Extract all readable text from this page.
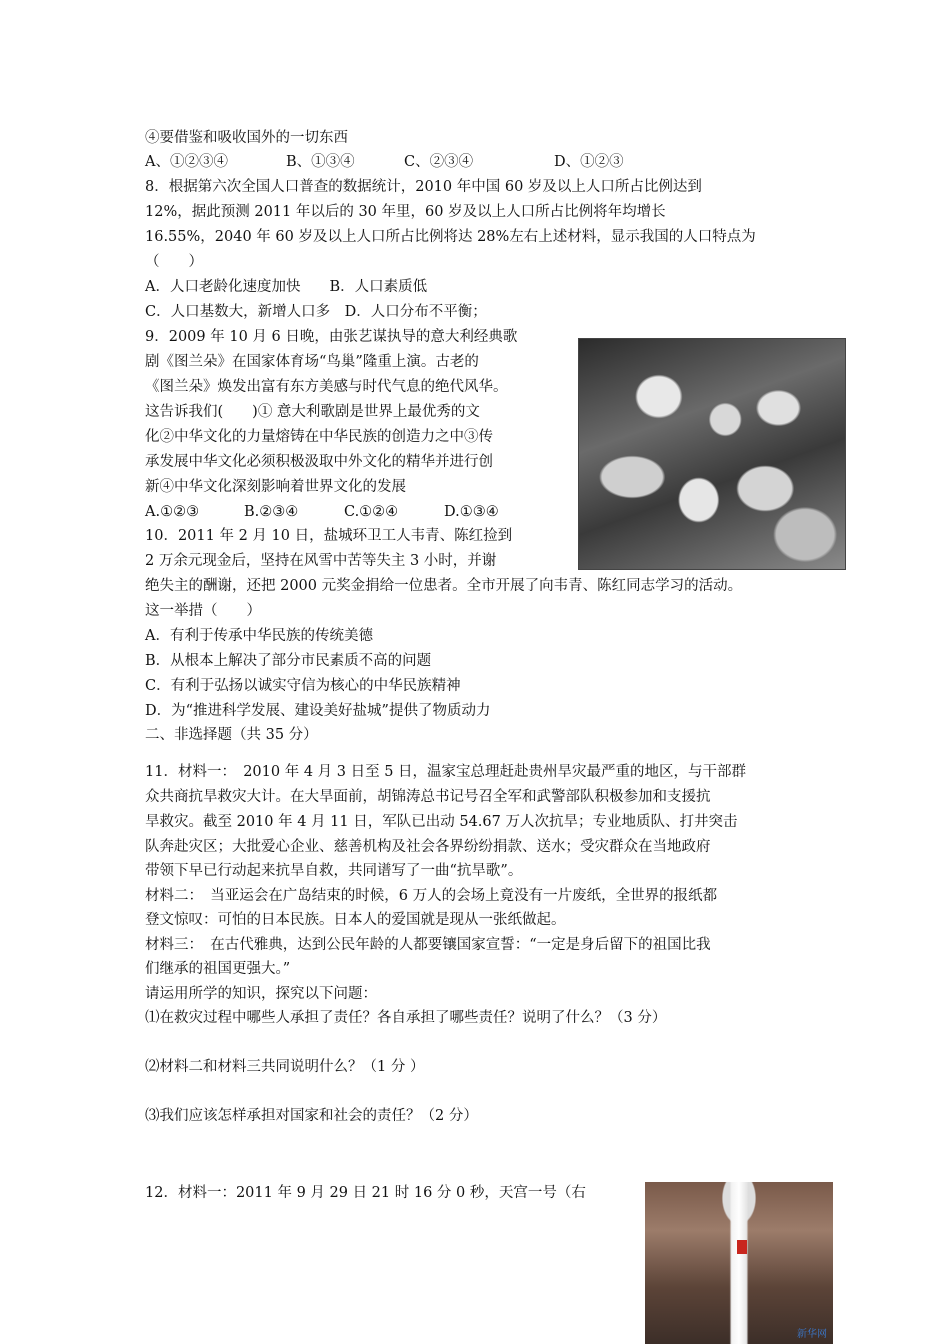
A、①②③④	B、①③④	C、②③④	D、①②③
A.①②③	B.②③④	C.①②④	D.①③④
新华网
④要借鉴和吸收国外的一切东西
8．根据第六次全国人口普查的数据统计，2010 年中国 60 岁及以上人口所占比例达到
12%，据此预测 2011 年以后的 30 年里，60 岁及以上人口所占比例将年均增长
16.55%，2040 年 60 岁及以上人口所占比例将达 28%左右上述材料，显示我国的人口特点为
（　　）
A．人口老龄化速度加快　　B．人口素质低
C．人口基数大，新增人口多　D．人口分布不平衡；
9．2009 年 10 月 6 日晚，由张艺谋执导的意大利经典歌
剧《图兰朵》在国家体育场“鸟巢”隆重上演。古老的
《图兰朵》焕发出富有东方美感与时代气息的绝代风华。
这告诉我们(　　)① 意大利歌剧是世界上最优秀的文
化②中华文化的力量熔铸在中华民族的创造力之中③传
承发展中华文化必须积极汲取中外文化的精华并进行创
新④中华文化深刻影响着世界文化的发展
10．2011 年 2 月 10 日，盐城环卫工人韦青、陈红捡到
2 万余元现金后，坚持在风雪中苦等失主 3 小时，并谢
绝失主的酬谢，还把 2000 元奖金捐给一位患者。全市开展了向韦青、陈红同志学习的活动。
这一举措（　　）
A．有利于传承中华民族的传统美德
B．从根本上解决了部分市民素质不高的问题
C．有利于弘扬以诚实守信为核心的中华民族精神
D．为“推进科学发展、建设美好盐城”提供了物质动力
二、非选择题（共 35 分）
11．材料一：　2010 年 4 月 3 日至 5 日，温家宝总理赶赴贵州旱灾最严重的地区，与干部群
众共商抗旱救灾大计。在大旱面前，胡锦涛总书记号召全军和武警部队积极参加和支援抗
旱救灾。截至 2010 年 4 月 11 日，军队已出动 54.67 万人次抗旱；专业地质队、打井突击
队奔赴灾区；大批爱心企业、慈善机构及社会各界纷纷捐款、送水；受灾群众在当地政府
带领下早已行动起来抗旱自救，共同谱写了一曲“抗旱歌”。
材料二：　当亚运会在广岛结束的时候，6 万人的会场上竟没有一片废纸，全世界的报纸都
登文惊叹：可怕的日本民族。日本人的爱国就是现从一张纸做起。
材料三：　在古代雅典，达到公民年龄的人都要镶国家宣誓：“一定是身后留下的祖国比我
们继承的祖国更强大。”
请运用所学的知识，探究以下问题：
⑴在救灾过程中哪些人承担了责任？各自承担了哪些责任？说明了什么？（3 分）
⑵材料二和材料三共同说明什么？（1 分 ）
⑶我们应该怎样承担对国家和社会的责任？（2 分）
12．材料一：2011 年 9 月 29 日 21 时 16 分 0 秒，天宫一号（右
